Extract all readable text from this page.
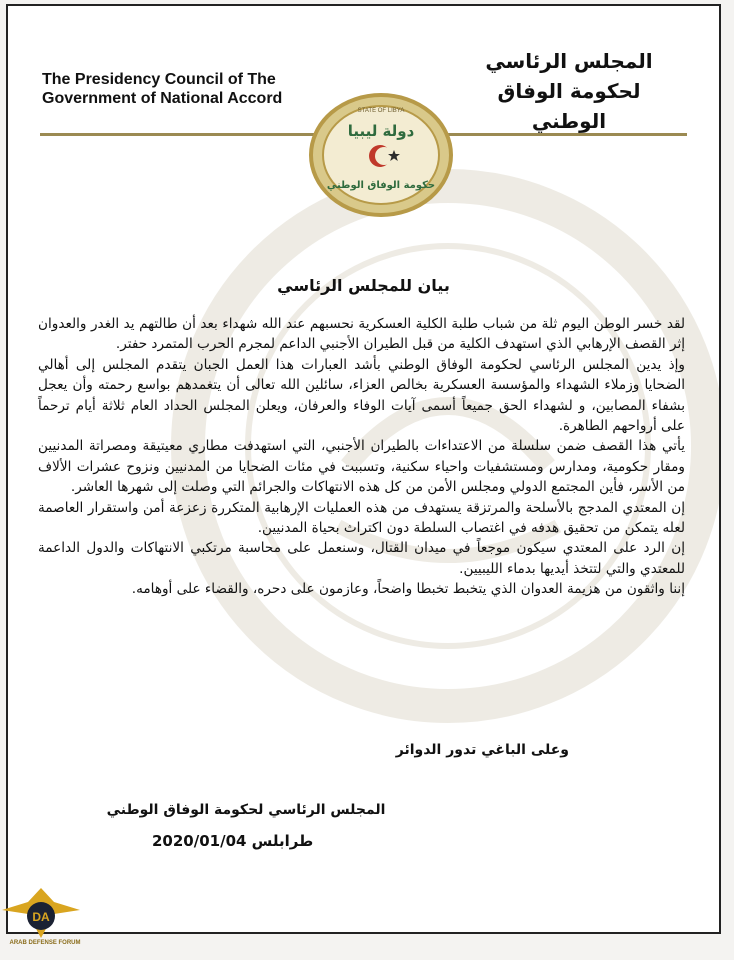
The Presidency Council of The
Government of National Accord
المجلس الرئاسي
لحكومة الوفاق الوطني
STATE OF LIBYA
دولة ليبيا
حكومة الوفاق الوطني
بيان للمجلس الرئاسي

لقد خسر الوطن اليوم ثلة من شباب طلبة الكلية العسكرية نحسبهم عند الله شهداء بعد أن طالتهم يد الغدر والعدوان إثر القصف الإرهابي الذي استهدف الكلية من قبل الطيران الأجنبي الداعم لمجرم الحرب المتمرد حفتر.

وإذ يدين المجلس الرئاسي لحكومة الوفاق الوطني بأشد العبارات هذا العمل الجبان يتقدم المجلس إلى أهالي الضحايا وزملاء الشهداء والمؤسسة العسكرية بخالص العزاء، سائلين الله تعالى أن يتغمدهم بواسع رحمته وأن يعجل بشفاء المصابين، و لشهداء الحق جميعاً أسمى آيات الوفاء والعرفان، ويعلن المجلس الحداد العام ثلاثة أيام ترحماً على أرواحهم الطاهرة.

يأتي هذا القصف ضمن سلسلة من الاعتداءات بالطيران الأجنبي، التي استهدفت مطاري معيتيقة ومصراتة المدنيين ومقار حكومية، ومدارس ومستشفيات واحياء سكنية، وتسببت في مئات الضحايا من المدنيين ونزوح عشرات الألاف من الأسر، فأين المجتمع الدولي ومجلس الأمن من كل هذه الانتهاكات والجرائم التي وصلت إلى شهرها العاشر.

إن المعتدي المدجج بالأسلحة والمرتزقة يستهدف من هذه العمليات الإرهابية المتكررة زعزعة أمن واستقرار العاصمة لعله يتمكن من تحقيق هدفه في اغتصاب السلطة دون اكتراث بحياة المدنيين.

إن الرد على المعتدي سيكون موجعاً في ميدان القتال، وسنعمل على محاسبة مرتكبي الانتهاكات والدول الداعمة للمعتدي والتي لتتخذ أيديها بدماء الليبيين.

إننا واثقون من هزيمة العدوان الذي يتخبط تخبطا واضحاً، وعازمون على دحره، والقضاء على أوهامه.

وعلى الباغي تدور الدوائر
المجلس الرئاسي لحكومة الوفاق الوطني
طرابلس 2020/01/04
DA
ARAB DEFENSE FORUM
